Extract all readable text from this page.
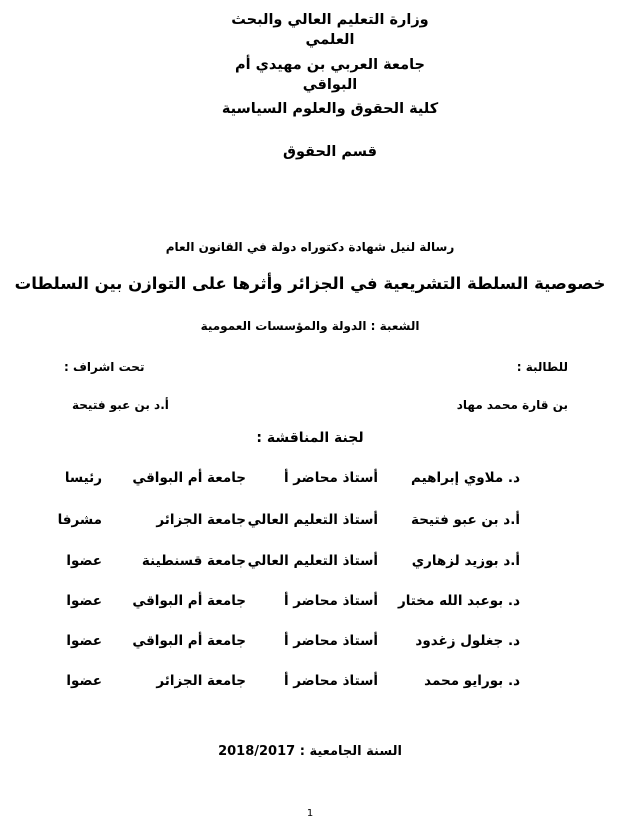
وزارة التعليم العالي والبحث العلمي
جامعة العربي بن مهيدي أم البواقي
كلية الحقوق والعلوم السياسية
قسم الحقوق
رسالة لنيل شهادة دكتوراه دولة في القانون العام
خصوصية السلطة التشريعية في الجزائر وأثرها على التوازن بين السلطات
الشعبة : الدولة والمؤسسات العمومية
للطالبة :
تحت اشراف :
بن قارة محمد مهاد
أ.د بن عبو فتيحة
لجنة المناقشة :
د. ملاوي إبراهيم
أستاذ محاضر أ
جامعة أم البواقي
رئيسا
أ.د بن عبو فتيحة
أستاذ التعليم العالي
جامعة الجزائر
مشرفا
أ.د بوزيد لزهاري
أستاذ التعليم العالي
جامعة قسنطينة
عضوا
د. بوعبد الله مختار
أستاذ محاضر أ
جامعة أم البواقي
عضوا
د. جغلول زغدود
أستاذ محاضر أ
جامعة أم البواقي
عضوا
د. بورايو محمد
أستاذ محاضر أ
جامعة الجزائر
عضوا
السنة الجامعية : 2018/2017
1
